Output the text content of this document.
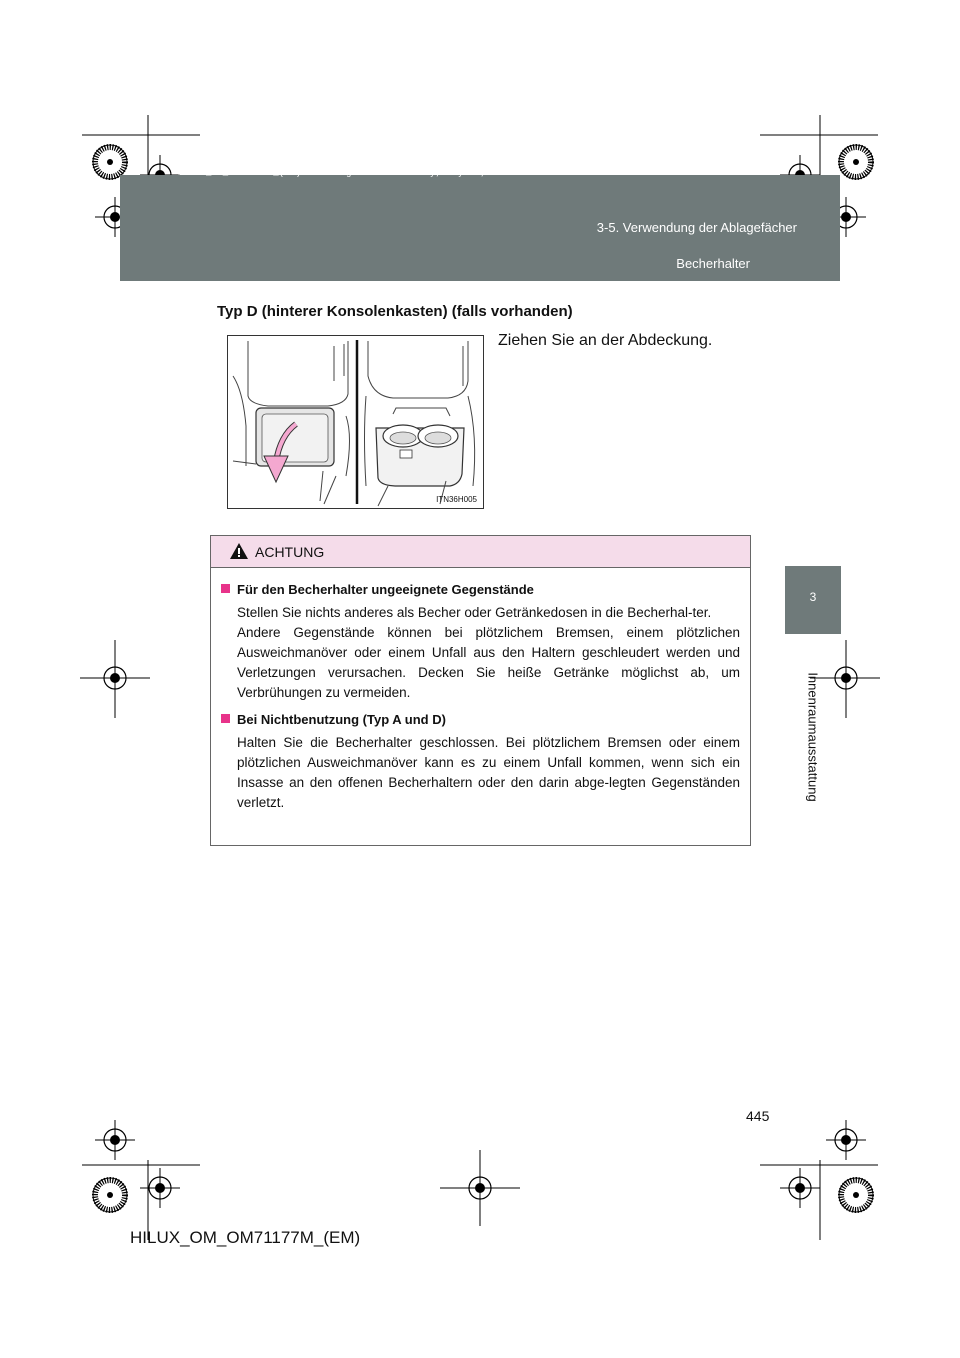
HILUX_OM_OM71177M_(EM).book Page 445 Wednesday, May 16, 2012 1:28 PM
3-5. Verwendung der Ablagefächer
Becherhalter
3
Innenraumausstattung
Typ D (hinterer Konsolenkasten) (falls vorhanden)
Ziehen Sie an der Abdeckung.
ITN36H005
ACHTUNG
Für den Becherhalter ungeeignete Gegenstände
Stellen Sie nichts anderes als Becher oder Getränkedosen in die Becherhal-ter.
Andere Gegenstände können bei plötzlichem Bremsen, einem plötzlichen Ausweichmanöver oder einem Unfall aus den Haltern geschleudert werden und Verletzungen verursachen. Decken Sie heiße Getränke möglichst ab, um Verbrühungen zu vermeiden.
Bei Nichtbenutzung (Typ A und D)
Halten Sie die Becherhalter geschlossen. Bei plötzlichem Bremsen oder einem plötzlichen Ausweichmanöver kann es zu einem Unfall kommen, wenn sich ein Insasse an den offenen Becherhaltern oder den darin abge-legten Gegenständen verletzt.
445
HILUX_OM_OM71177M_(EM)
